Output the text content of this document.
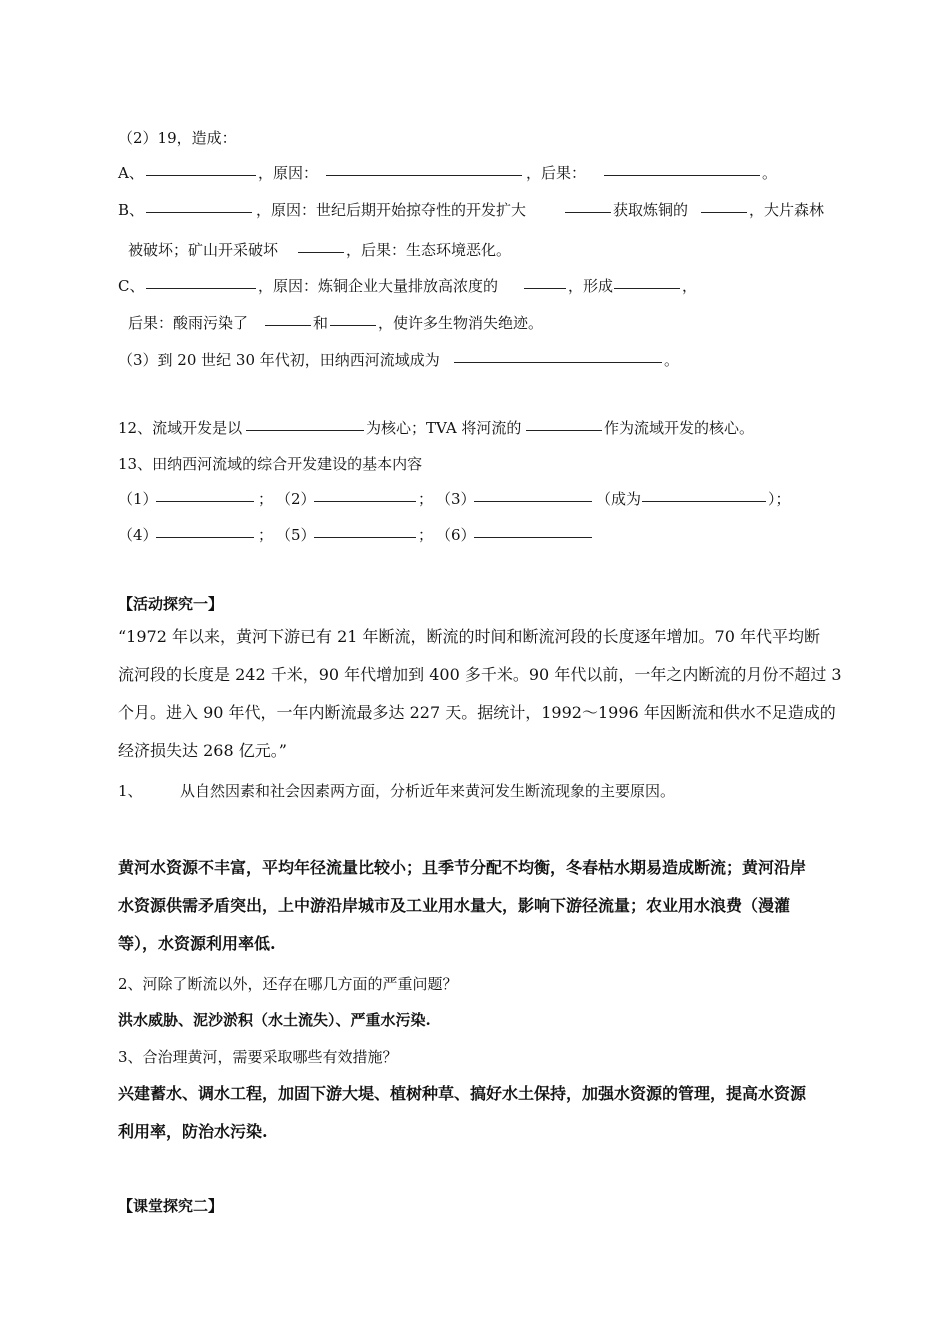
（2）19，造成：
A、	，原因：	，后果：	。
B、	，原因：世纪后期开始掠夺性的开发扩大	获取炼铜的	，大片森林
被破坏；矿山开采破坏	，后果：生态环境恶化。
C、	，原因：炼铜企业大量排放高浓度的	，形成	，
后果：酸雨污染了	和	，使许多生物消失绝迹。
（3）到 20 世纪 30 年代初，田纳西河流域成为	。
12、流域开发是以	为核心；TVA 将河流的	作为流域开发的核心。
13、田纳西河流域的综合开发建设的基本内容
（1）	； （2）	； （3）	（成为	）；
（4）	； （5）	； （6）
【活动探究一】
“1972 年以来，黄河下游已有 21 年断流，断流的时间和断流河段的长度逐年增加。70 年代平均断
流河段的长度是 242 千米，90 年代增加到 400 多千米。90 年代以前，一年之内断流的月份不超过 3
个月。进入 90 年代，一年内断流最多达 227 天。据统计，1992～1996 年因断流和供水不足造成的
经济损失达 268 亿元。”
1、 从自然因素和社会因素两方面，分析近年来黄河发生断流现象的主要原因。
黄河水资源不丰富，平均年径流量比较小；且季节分配不均衡，冬春枯水期易造成断流；黄河沿岸
水资源供需矛盾突出，上中游沿岸城市及工业用水量大，影响下游径流量；农业用水浪费（漫灌
等），水资源利用率低.
2、河除了断流以外，还存在哪几方面的严重问题？
洪水威胁、泥沙淤积（水土流失）、严重水污染.
3、合治理黄河，需要采取哪些有效措施？
兴建蓄水、调水工程，加固下游大堤、植树种草、搞好水土保持，加强水资源的管理，提高水资源
利用率，防治水污染.
【课堂探究二】
